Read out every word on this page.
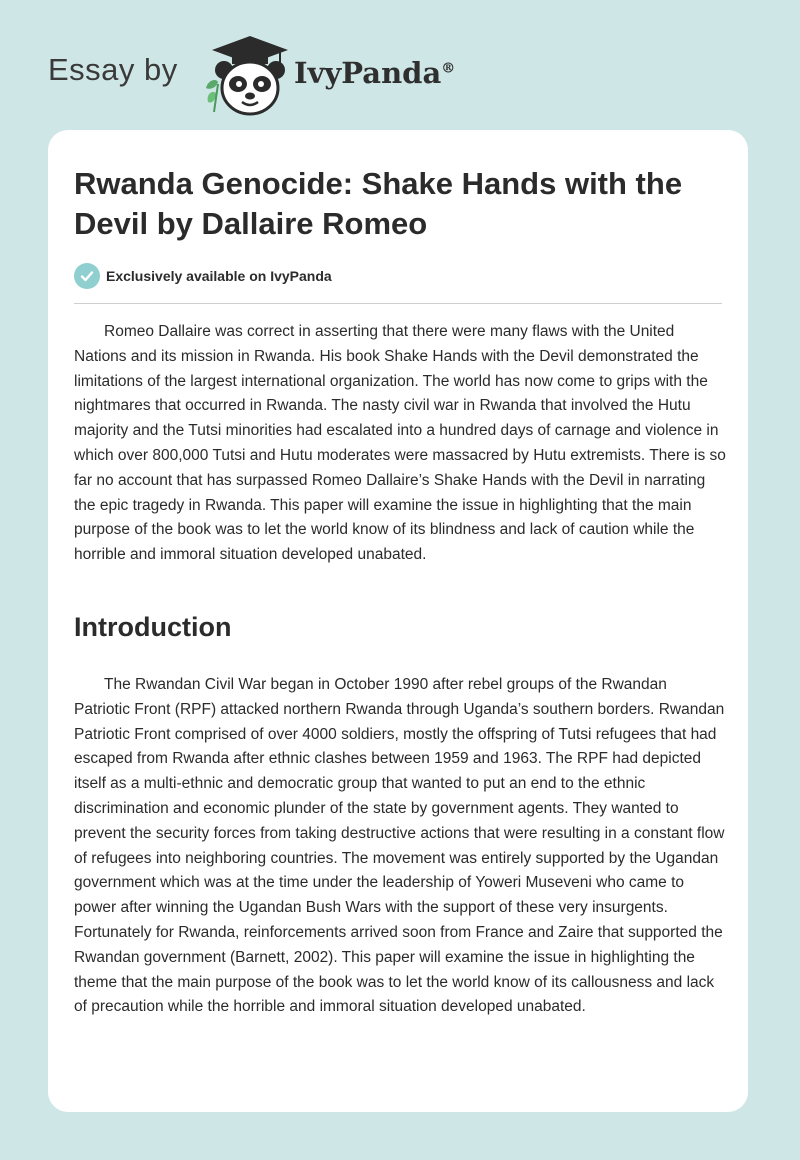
Essay by	IvyPanda®
Rwanda Genocide: Shake Hands with the Devil by Dallaire Romeo
Exclusively available on IvyPanda

Romeo Dallaire was correct in asserting that there were many flaws with the United Nations and its mission in Rwanda. His book Shake Hands with the Devil demonstrated the limitations of the largest international organization. The world has now come to grips with the nightmares that occurred in Rwanda. The nasty civil war in Rwanda that involved the Hutu majority and the Tutsi minorities had escalated into a hundred days of carnage and violence in which over 800,000 Tutsi and Hutu moderates were massacred by Hutu extremists. There is so far no account that has surpassed Romeo Dallaire’s Shake Hands with the Devil in narrating the epic tragedy in Rwanda. This paper will examine the issue in highlighting that the main purpose of the book was to let the world know of its blindness and lack of caution while the horrible and immoral situation developed unabated.

Introduction

The Rwandan Civil War began in October 1990 after rebel groups of the Rwandan Patriotic Front (RPF) attacked northern Rwanda through Uganda’s southern borders. Rwandan Patriotic Front comprised of over 4000 soldiers, mostly the offspring of Tutsi refugees that had escaped from Rwanda after ethnic clashes between 1959 and 1963. The RPF had depicted itself as a multi-ethnic and democratic group that wanted to put an end to the ethnic discrimination and economic plunder of the state by government agents. They wanted to prevent the security forces from taking destructive actions that were resulting in a constant flow of refugees into neighboring countries. The movement was entirely supported by the Ugandan government which was at the time under the leadership of Yoweri Museveni who came to power after winning the Ugandan Bush Wars with the support of these very insurgents. Fortunately for Rwanda, reinforcements arrived soon from France and Zaire that supported the Rwandan government (Barnett, 2002). This paper will examine the issue in highlighting the theme that the main purpose of the book was to let the world know of its callousness and lack of precaution while the horrible and immoral situation developed unabated.
